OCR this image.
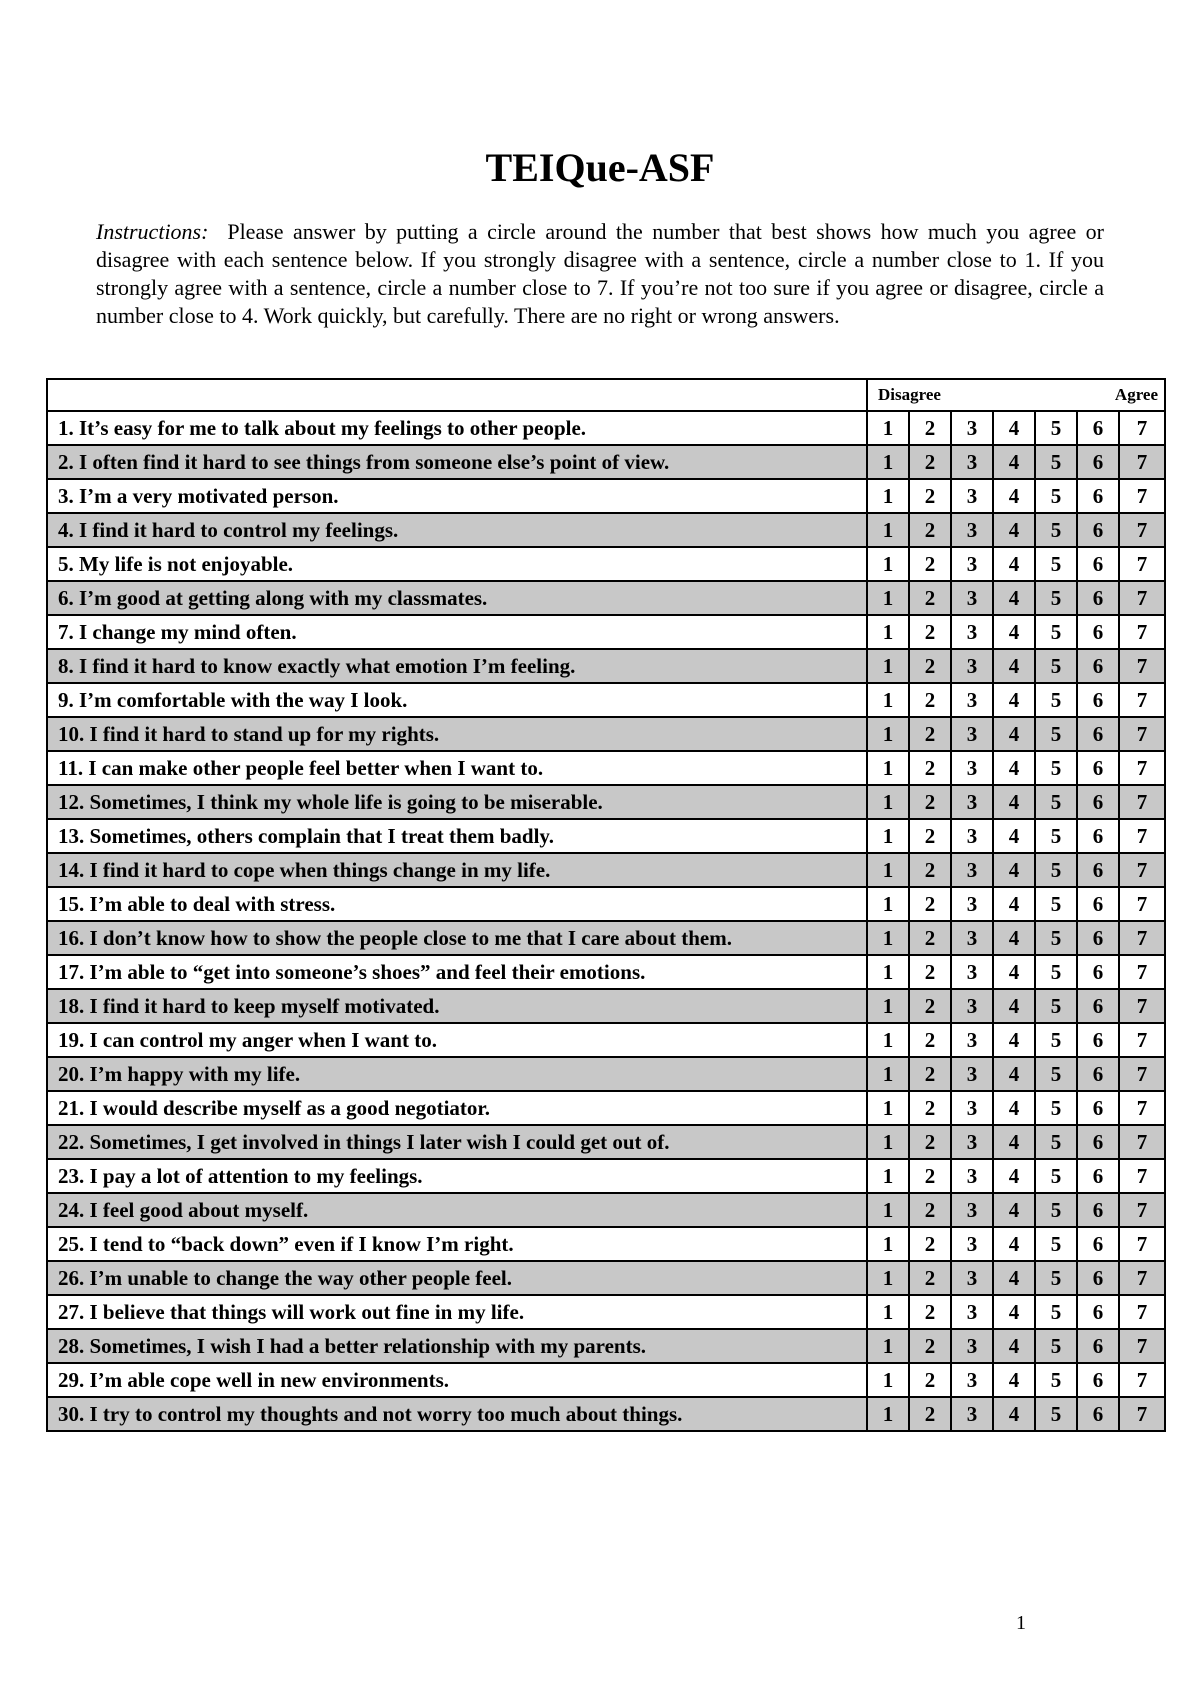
TEIQue-ASF

Instructions: Please answer by putting a circle around the number that best shows how much you agree or disagree with each sentence below. If you strongly disagree with a sentence, circle a number close to 1. If you strongly agree with a sentence, circle a number close to 7. If you’re not too sure if you agree or disagree, circle a number close to 4. Work quickly, but carefully. There are no right or wrong answers.

	Disagree Agree						

1. It’s easy for me to talk about my feelings to other people.	1	2	3	4	5	6	7
2. I often find it hard to see things from someone else’s point of view.	1	2	3	4	5	6	7
3. I’m a very motivated person.	1	2	3	4	5	6	7
4. I find it hard to control my feelings.	1	2	3	4	5	6	7
5. My life is not enjoyable.	1	2	3	4	5	6	7
6. I’m good at getting along with my classmates.	1	2	3	4	5	6	7
7. I change my mind often.	1	2	3	4	5	6	7
8. I find it hard to know exactly what emotion I’m feeling.	1	2	3	4	5	6	7
9. I’m comfortable with the way I look.	1	2	3	4	5	6	7
10. I find it hard to stand up for my rights.	1	2	3	4	5	6	7
11. I can make other people feel better when I want to.	1	2	3	4	5	6	7
12. Sometimes, I think my whole life is going to be miserable.	1	2	3	4	5	6	7
13. Sometimes, others complain that I treat them badly.	1	2	3	4	5	6	7
14. I find it hard to cope when things change in my life.	1	2	3	4	5	6	7
15. I’m able to deal with stress.	1	2	3	4	5	6	7
16. I don’t know how to show the people close to me that I care about them.	1	2	3	4	5	6	7
17. I’m able to “get into someone’s shoes” and feel their emotions.	1	2	3	4	5	6	7
18. I find it hard to keep myself motivated.	1	2	3	4	5	6	7
19. I can control my anger when I want to.	1	2	3	4	5	6	7
20. I’m happy with my life.	1	2	3	4	5	6	7
21. I would describe myself as a good negotiator.	1	2	3	4	5	6	7
22. Sometimes, I get involved in things I later wish I could get out of.	1	2	3	4	5	6	7
23. I pay a lot of attention to my feelings.	1	2	3	4	5	6	7
24. I feel good about myself.	1	2	3	4	5	6	7
25. I tend to “back down” even if I know I’m right.	1	2	3	4	5	6	7
26. I’m unable to change the way other people feel.	1	2	3	4	5	6	7
27. I believe that things will work out fine in my life.	1	2	3	4	5	6	7
28. Sometimes, I wish I had a better relationship with my parents.	1	2	3	4	5	6	7
29. I’m able cope well in new environments.	1	2	3	4	5	6	7
30. I try to control my thoughts and not worry too much about things.	1	2	3	4	5	6	7
1
